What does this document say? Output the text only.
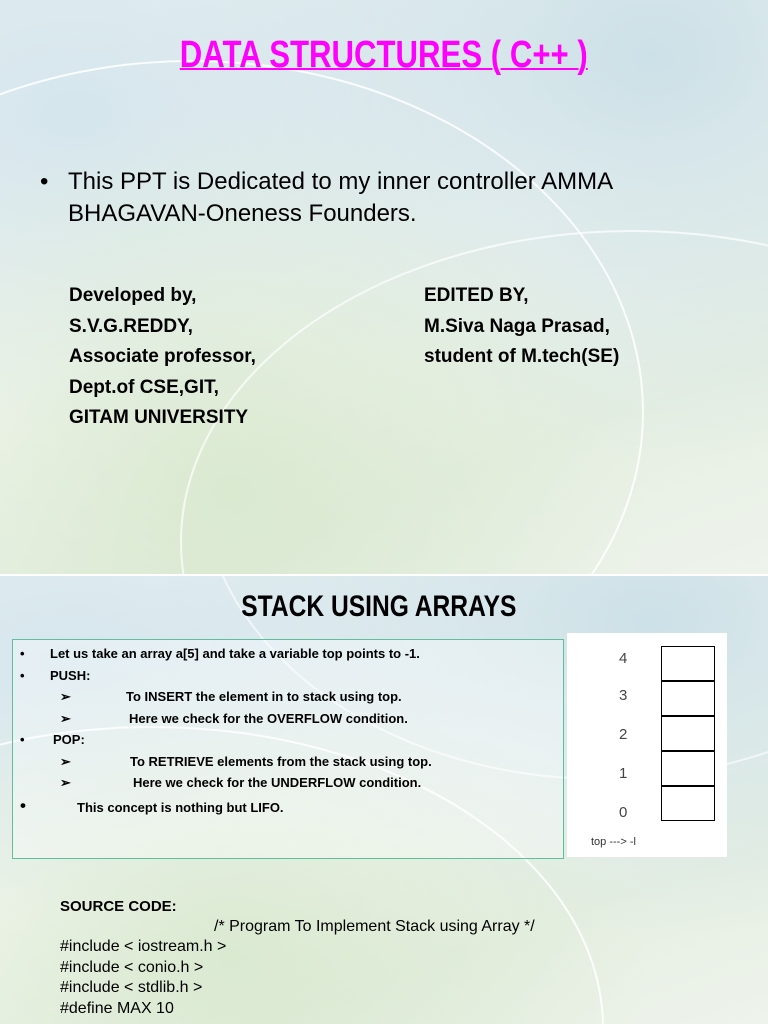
DATA STRUCTURES ( C++ )
• This PPT is Dedicated to my inner controller AMMA BHAGAVAN-Oneness Founders.
Developed by,
S.V.G.REDDY,
Associate professor,
Dept.of CSE,GIT,
GITAM UNIVERSITY
EDITED BY,
M.Siva Naga Prasad,
student of M.tech(SE)
STACK USING ARRAYS
• Let us take an array a[5] and take a variable top points to -1.
• PUSH:
➢	To INSERT the element in to stack using top.
➢	Here we check for the OVERFLOW condition.
• POP:
➢	To RETRIEVE elements from the stack using top.
➢	Here we check for the UNDERFLOW condition.
•	This concept is nothing but LIFO.
4
3
2
1
0
top ---> -l
SOURCE CODE:
/* Program To Implement Stack using Array */
#include < iostream.h >
#include < conio.h >
#include < stdlib.h >
#define MAX 10
